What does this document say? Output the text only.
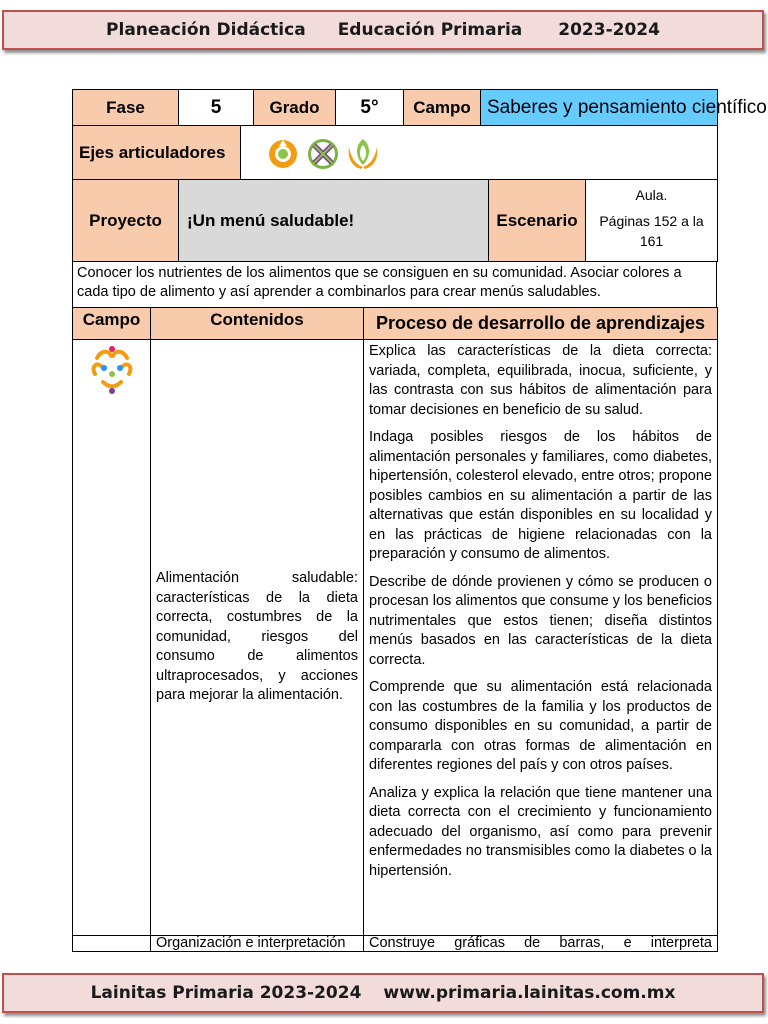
Planeación Didáctica Educación Primaria 2023-2024
Fase	5	Grado	5°	Campo	Saberes y pensamiento científico
Ejes articuladores	
Proyecto	¡Un menú saludable!	Escenario	
Aula.
Páginas 152 a la 161
Conocer los nutrientes de los alimentos que se consiguen en su comunidad. Asociar colores a cada tipo de alimento y así aprender a combinarlos para crear menús saludables.
Campo	Contenidos	Proceso de desarrollo de aprendizajes
	Alimentación saludable: características de la dieta correcta, costumbres de la comunidad, riesgos del consumo de alimentos ultraprocesados, y acciones para mejorar la alimentación.	Explica las características de la dieta correcta: variada, completa, equilibrada, inocua, suficiente, y las contrasta con sus hábitos de alimentación para tomar decisiones en beneficio de su salud.

Indaga posibles riesgos de los hábitos de alimentación personales y familiares, como diabetes, hipertensión, colesterol elevado, entre otros; propone posibles cambios en su alimentación a partir de las alternativas que están disponibles en su localidad y en las prácticas de higiene relacionadas con la preparación y consumo de alimentos.

Describe de dónde provienen y cómo se producen o procesan los alimentos que consume y los beneficios nutrimentales que estos tienen; diseña distintos menús basados en las características de la dieta correcta.

Comprende que su alimentación está relacionada con las costumbres de la familia y los productos de consumo disponibles en su comunidad, a partir de compararla con otras formas de alimentación en diferentes regiones del país y con otros países.

Analiza y explica la relación que tiene mantener una dieta correcta con el crecimiento y funcionamiento adecuado del organismo, así como para prevenir enfermedades no transmisibles como la diabetes o la hipertensión.

	Organización e interpretación	Construye gráficas de barras, e interpreta
Lainitas Primaria 2023-2024 www.primaria.lainitas.com.mx
